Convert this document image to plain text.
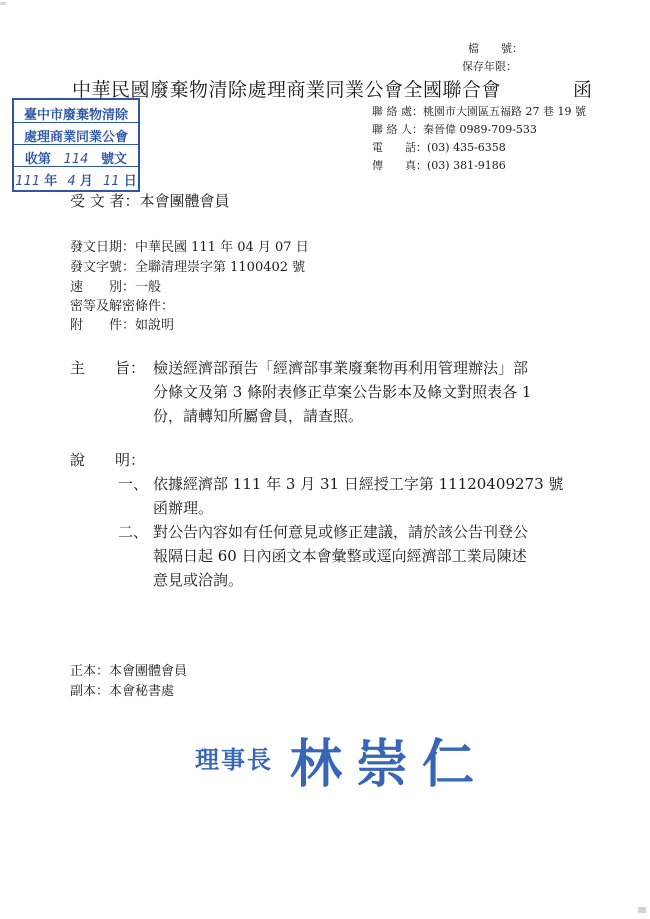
檔　　號：
保存年限：
中華民國廢棄物清除處理商業同業公會全國聯合會	函
臺中市廢棄物清除
處理商業同業公會
收第 114 號文
111 年 4 月 11 日
聯 絡 處：桃園市大園區五福路 27 巷 19 號
聯 絡 人：秦晉偉 0989-709-533
電　　話：(03) 435-6358
傳　　真：(03) 381-9186
受 文 者：本會團體會員
發文日期：中華民國 111 年 04 月 07 日
發文字號：全聯清理崇字第 1100402 號
速　　別：一般
密等及解密條件：
附　　件：如說明
主　　旨： 檢送經濟部預告「經濟部事業廢棄物再利用管理辦法」部
分條文及第 3 條附表修正草案公告影本及條文對照表各 1
份，請轉知所屬會員，請查照。
說　　明：
一、 依據經濟部 111 年 3 月 31 日經授工字第 11120409273 號
函辦理。
二、 對公告內容如有任何意見或修正建議，請於該公告刊登公
報隔日起 60 日內函文本會彙整或逕向經濟部工業局陳述
意見或洽詢。
正本：本會團體會員
副本：本會秘書處
理事長 林崇仁
